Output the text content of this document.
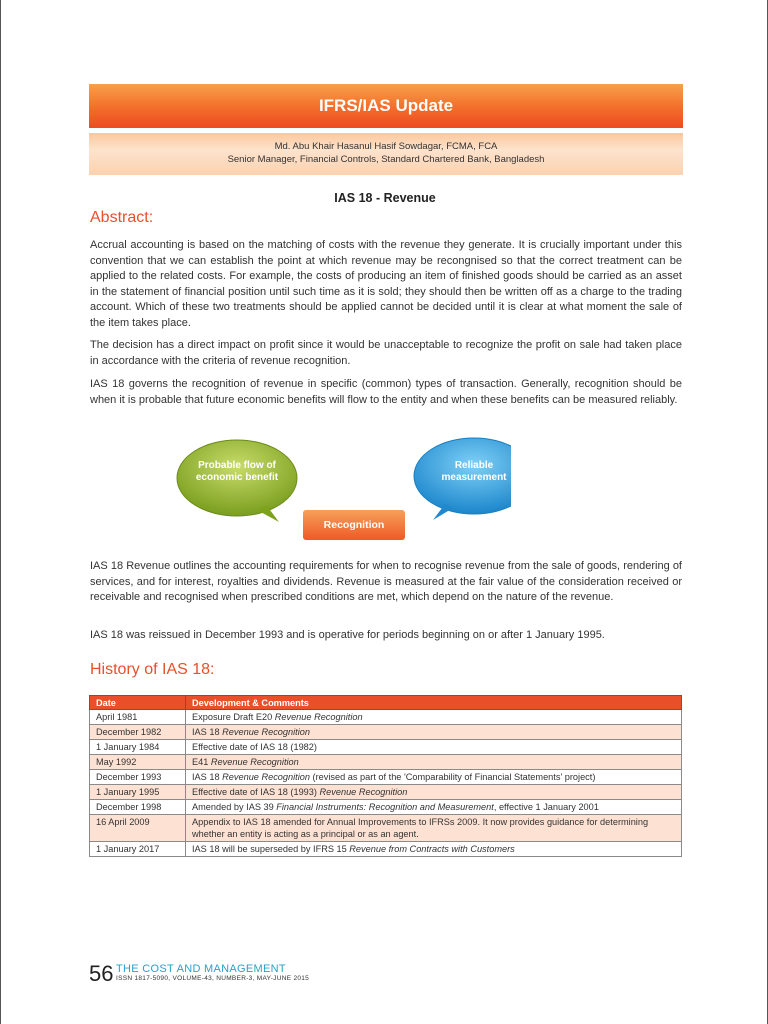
IFRS/IAS Update
Md. Abu Khair Hasanul Hasif Sowdagar, FCMA, FCA
Senior Manager, Financial Controls, Standard Chartered Bank, Bangladesh
IAS 18 - Revenue
Abstract:

Accrual accounting is based on the matching of costs with the revenue they generate. It is crucially important under this convention that we can establish the point at which revenue may be recongnised so that the correct treatment can be applied to the related costs. For example, the costs of producing an item of finished goods should be carried as an asset in the statement of financial position until such time as it is sold; they should then be written off as a charge to the trading account. Which of these two treatments should be applied cannot be decided until it is clear at what moment the sale of the item takes place.

The decision has a direct impact on profit since it would be unacceptable to recognize the profit on sale had taken place in accordance with the criteria of revenue recognition.

IAS 18 governs the recognition of revenue in specific (common) types of transaction. Generally, recognition should be when it is probable that future economic benefits will flow to the entity and when these benefits can be measured reliably.

Probable flow of economic benefit
Reliable measurement
Recognition

IAS 18 Revenue outlines the accounting requirements for when to recognise revenue from the sale of goods, rendering of services, and for interest, royalties and dividends. Revenue is measured at the fair value of the consideration received or receivable and recognised when prescribed conditions are met, which depend on the nature of the revenue.

IAS 18 was reissued in December 1993 and is operative for periods beginning on or after 1 January 1995.

History of IAS 18:
Date	Development & Comments
April 1981	Exposure Draft E20 Revenue Recognition
December 1982	IAS 18 Revenue Recognition
1 January 1984	Effective date of IAS 18 (1982)
May 1992	E41 Revenue Recognition
December 1993	IAS 18 Revenue Recognition (revised as part of the 'Comparability of Financial Statements' project)
1 January 1995	Effective date of IAS 18 (1993) Revenue Recognition
December 1998	Amended by IAS 39 Financial Instruments: Recognition and Measurement, effective 1 January 2001
16 April 2009	Appendix to IAS 18 amended for Annual Improvements to IFRSs 2009. It now provides guidance for determining whether an entity is acting as a principal or as an agent.
1 January 2017	IAS 18 will be superseded by IFRS 15 Revenue from Contracts with Customers
56 THE COST AND MANAGEMENT
ISSN 1817-5090, VOLUME-43, NUMBER-3, MAY-JUNE 2015
